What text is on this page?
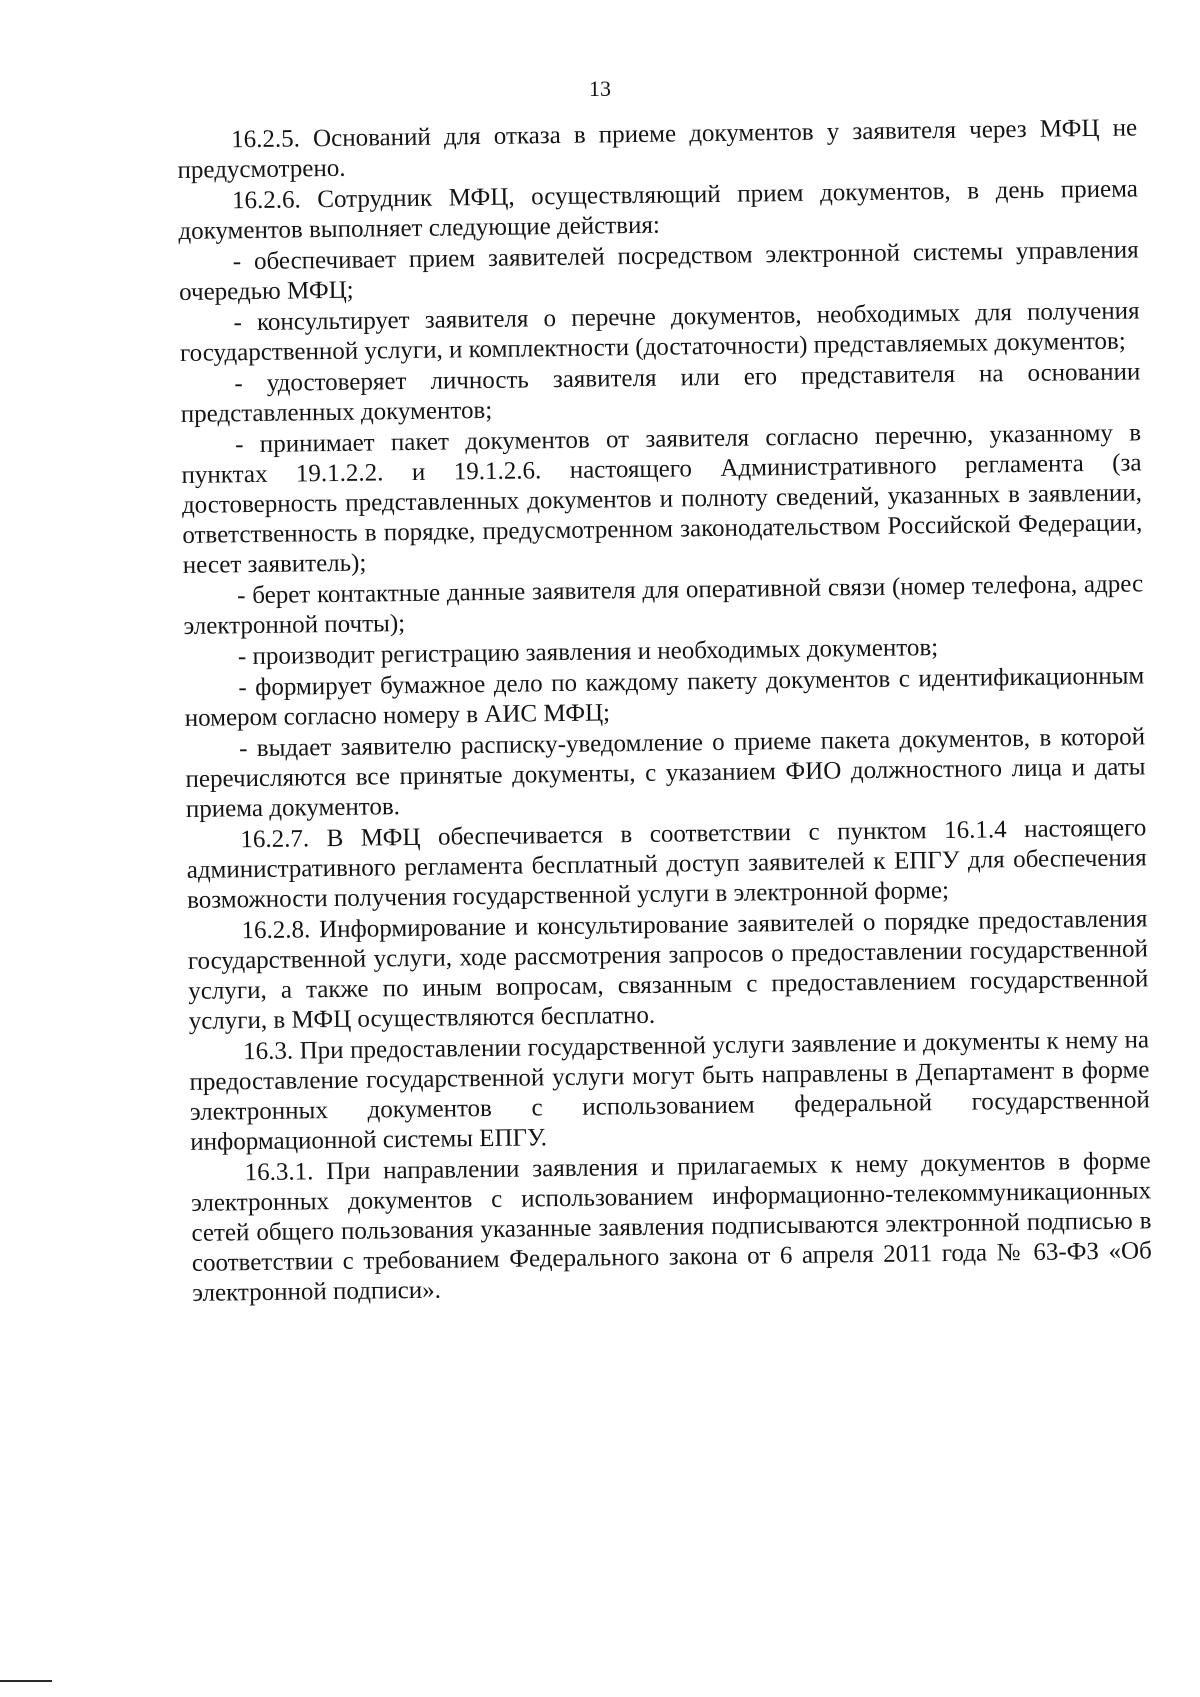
13

16.2.5. Оснований для отказа в приеме документов у заявителя через МФЦ не предусмотрено.

16.2.6. Сотрудник МФЦ, осуществляющий прием документов, в день приема документов выполняет следующие действия:

- обеспечивает прием заявителей посредством электронной системы управления очередью МФЦ;

- консультирует заявителя о перечне документов, необходимых для получения государственной услуги, и комплектности (достаточности) представляемых документов;

- удостоверяет личность заявителя или его представителя на основании представленных документов;

- принимает пакет документов от заявителя согласно перечню, указанному в пунктах 19.1.2.2. и 19.1.2.6. настоящего Административного регламента (за достоверность представленных документов и полноту сведений, указанных в заявлении, ответственность в порядке, предусмотренном законодательством Российской Федерации, несет заявитель);

- берет контактные данные заявителя для оперативной связи (номер телефона, адрес электронной почты);

- производит регистрацию заявления и необходимых документов;

- формирует бумажное дело по каждому пакету документов с идентификационным номером согласно номеру в АИС МФЦ;

- выдает заявителю расписку-уведомление о приеме пакета документов, в которой перечисляются все принятые документы, с указанием ФИО должностного лица и даты приема документов.

16.2.7. В МФЦ обеспечивается в соответствии с пунктом 16.1.4 настоящего административного регламента бесплатный доступ заявителей к ЕПГУ для обеспечения возможности получения государственной услуги в электронной форме;

16.2.8. Информирование и консультирование заявителей о порядке предоставления государственной услуги, ходе рассмотрения запросов о предоставлении государственной услуги, а также по иным вопросам, связанным с предоставлением государственной услуги, в МФЦ осуществляются бесплатно.

16.3. При предоставлении государственной услуги заявление и документы к нему на предоставление государственной услуги могут быть направлены в Департамент в форме электронных документов с использованием федеральной государственной информационной системы ЕПГУ.

16.3.1. При направлении заявления и прилагаемых к нему документов в форме электронных документов с использованием информационно-телекоммуникационных сетей общего пользования указанные заявления подписываются электронной подписью в соответствии с требованием Федерального закона от 6 апреля 2011 года № 63-ФЗ «Об электронной подписи».
